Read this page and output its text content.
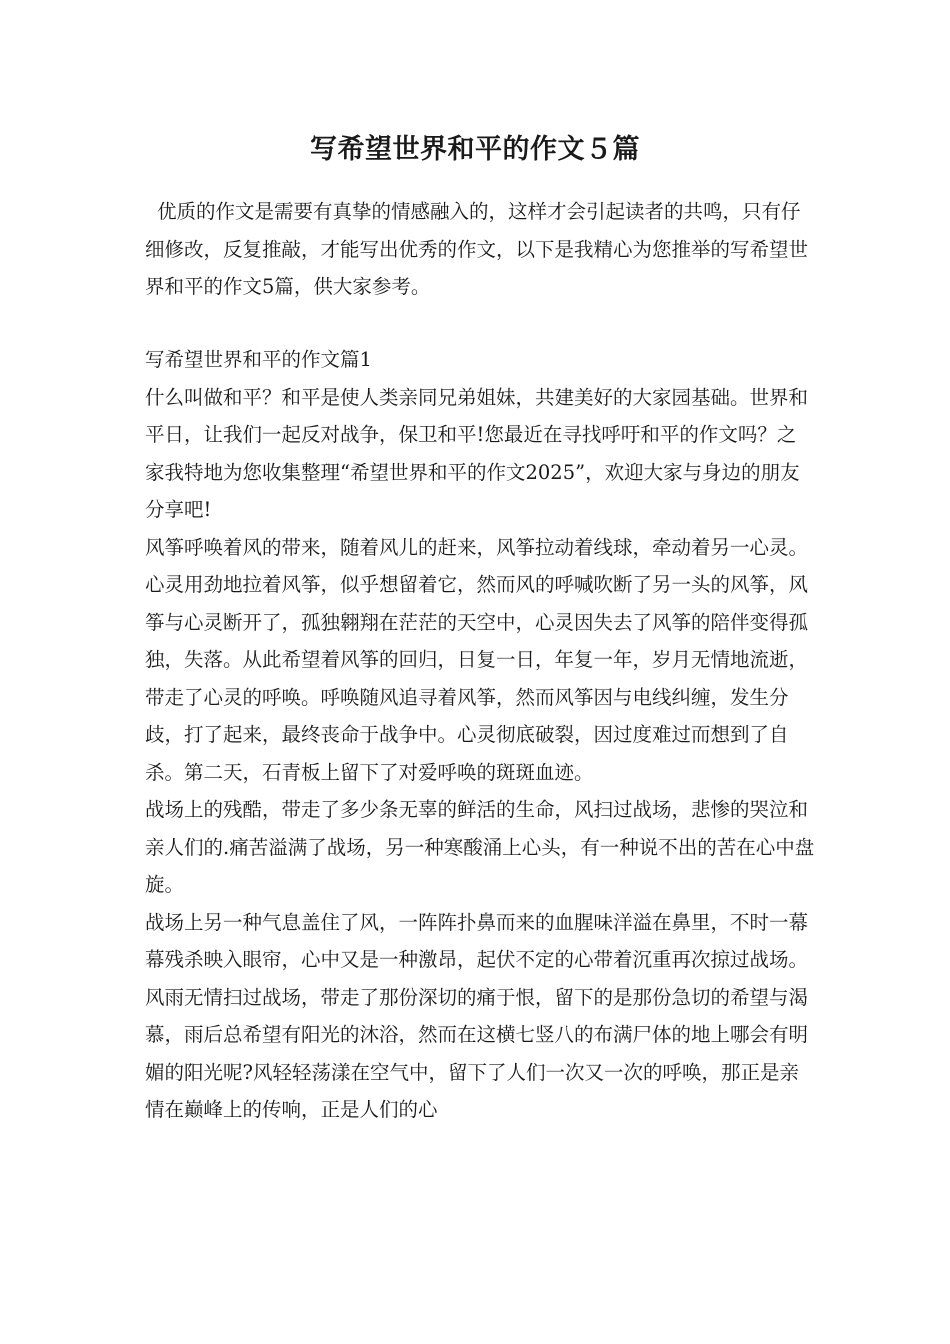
写希望世界和平的作文５篇
优质的作文是需要有真挚的情感融入的，这样才会引起读者的共鸣，只有仔细修改，反复推敲，才能写出优秀的作文，以下是我精心为您推举的写希望世界和平的作文5篇，供大家参考。

写希望世界和平的作文篇1

什么叫做和平？和平是使人类亲同兄弟姐妹，共建美好的大家园基础。世界和平日，让我们一起反对战争，保卫和平!您最近在寻找呼吁和平的作文吗？之家我特地为您收集整理“希望世界和平的作文2025”，欢迎大家与身边的朋友分享吧!

风筝呼唤着风的带来，随着风儿的赶来，风筝拉动着线球，牵动着另一心灵。心灵用劲地拉着风筝，似乎想留着它，然而风的呼喊吹断了另一头的风筝，风筝与心灵断开了，孤独翱翔在茫茫的天空中，心灵因失去了风筝的陪伴变得孤独，失落。从此希望着风筝的回归，日复一日，年复一年，岁月无情地流逝，带走了心灵的呼唤。呼唤随风追寻着风筝，然而风筝因与电线纠缠，发生分歧，打了起来，最终丧命于战争中。心灵彻底破裂，因过度难过而想到了自杀。第二天，石青板上留下了对爱呼唤的斑斑血迹。

战场上的残酷，带走了多少条无辜的鲜活的生命，风扫过战场，悲惨的哭泣和亲人们的.痛苦溢满了战场，另一种寒酸涌上心头，有一种说不出的苦在心中盘旋。

战场上另一种气息盖住了风，一阵阵扑鼻而来的血腥味洋溢在鼻里，不时一幕幕残杀映入眼帘，心中又是一种激昂，起伏不定的心带着沉重再次掠过战场。

风雨无情扫过战场，带走了那份深切的痛于恨，留下的是那份急切的希望与渴慕，雨后总希望有阳光的沐浴，然而在这横七竖八的布满尸体的地上哪会有明媚的阳光呢?风轻轻荡漾在空气中，留下了人们一次又一次的呼唤，那正是亲情在巅峰上的传响，正是人们的心
